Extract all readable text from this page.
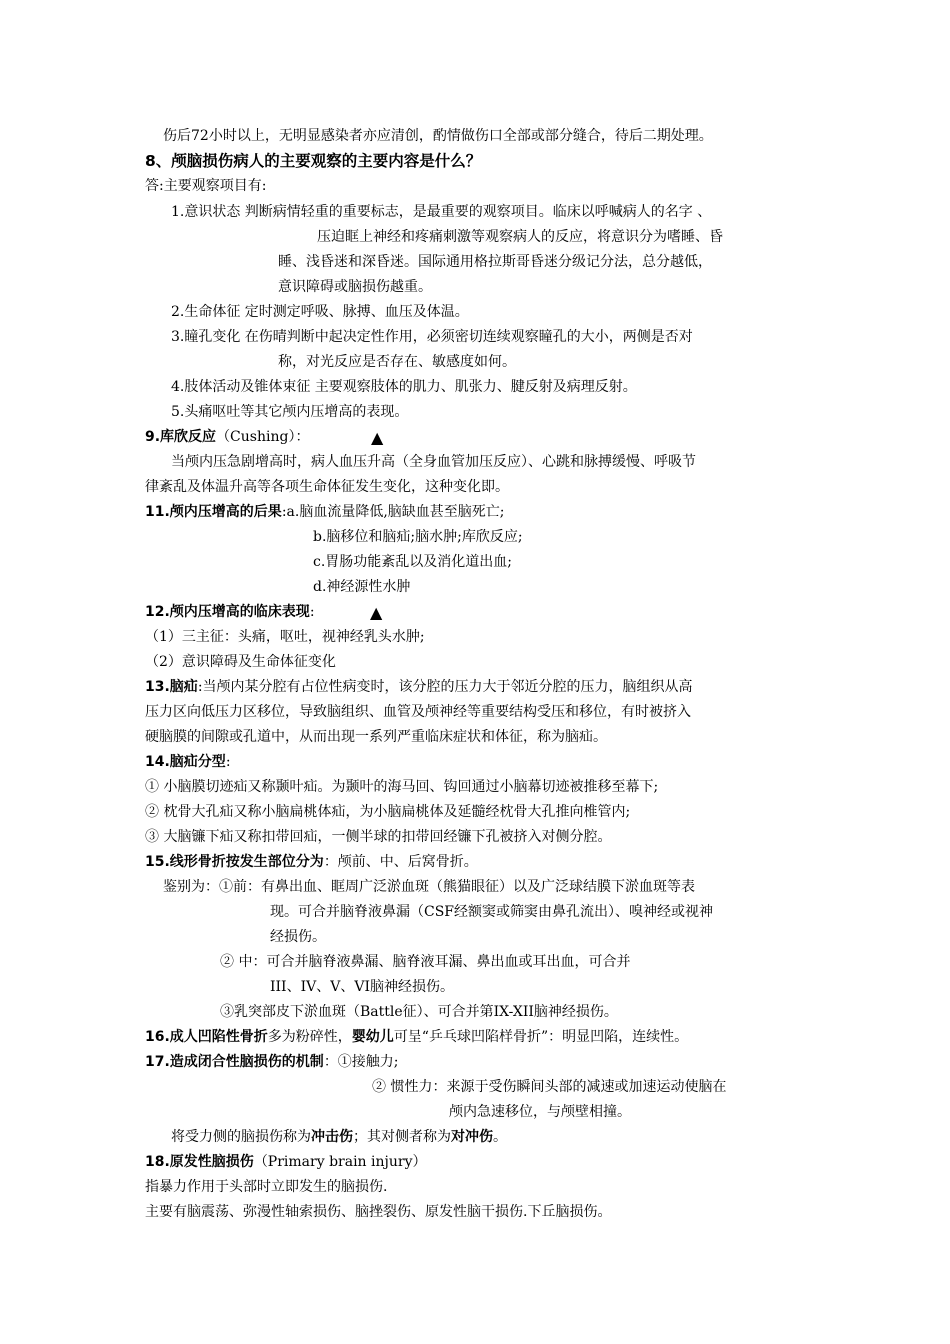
伤后72小时以上，无明显感染者亦应清创，酌情做伤口全部或部分缝合，待后二期处理。
8、颅脑损伤病人的主要观察的主要内容是什么？
答:主要观察项目有:
1.意识状态 判断病情轻重的重要标志，是最重要的观察项目。临床以呼喊病人的名字 、
压迫眶上神经和疼痛刺激等观察病人的反应，将意识分为嗜睡、昏
睡、浅昏迷和深昏迷。国际通用格拉斯哥昏迷分级记分法，总分越低，
意识障碍或脑损伤越重。
2.生命体征 定时测定呼吸、脉搏、血压及体温。
3.瞳孔变化 在伤晴判断中起决定性作用，必须密切连续观察瞳孔的大小，两侧是否对
称，对光反应是否存在、敏感度如何。
4.肢体活动及锥体束征 主要观察肢体的肌力、肌张力、腱反射及病理反射。
5.头痛呕吐等其它颅内压增高的表现。
9.库欣反应（Cushing）：	▲
当颅内压急剧增高时，病人血压升高（全身血管加压反应）、心跳和脉搏缓慢、呼吸节
律紊乱及体温升高等各项生命体征发生变化，这种变化即。
11.颅内压增高的后果:a.脑血流量降低,脑缺血甚至脑死亡;
b.脑移位和脑疝;脑水肿;库欣反应;
c.胃肠功能紊乱以及消化道出血;
d.神经源性水肿
12.颅内压增高的临床表现:	▲
（1）三主征：头痛，呕吐，视神经乳头水肿;
（2）意识障碍及生命体征变化
13.脑疝:当颅内某分腔有占位性病变时，该分腔的压力大于邻近分腔的压力，脑组织从高
压力区向低压力区移位，导致脑组织、血管及颅神经等重要结构受压和移位，有时被挤入
硬脑膜的间隙或孔道中，从而出现一系列严重临床症状和体征，称为脑疝。
14.脑疝分型:
① 小脑膜切迹疝又称颞叶疝。为颞叶的海马回、钩回通过小脑幕切迹被推移至幕下;
② 枕骨大孔疝又称小脑扁桃体疝，为小脑扁桃体及延髓经枕骨大孔推向椎管内;
③ 大脑镰下疝又称扣带回疝，一侧半球的扣带回经镰下孔被挤入对侧分腔。
15.线形骨折按发生部位分为：颅前、中、后窝骨折。
鉴别为：①前：有鼻出血、眶周广泛淤血斑（熊猫眼征）以及广泛球结膜下淤血斑等表
现。可合并脑脊液鼻漏（CSF经额窦或筛窦由鼻孔流出）、嗅神经或视神
经损伤。
② 中：可合并脑脊液鼻漏、脑脊液耳漏、鼻出血或耳出血，可合并
III、IV、V、VI脑神经损伤。
③乳突部皮下淤血斑（Battle征）、可合并第IX-XII脑神经损伤。
16.成人凹陷性骨折多为粉碎性，婴幼儿可呈“乒乓球凹陷样骨折”：明显凹陷，连续性。
17.造成闭合性脑损伤的机制：①接触力;
② 惯性力：来源于受伤瞬间头部的减速或加速运动使脑在
颅内急速移位，与颅壁相撞。
将受力侧的脑损伤称为冲击伤；其对侧者称为对冲伤。
18.原发性脑损伤（Primary brain injury）
指暴力作用于头部时立即发生的脑损伤.
主要有脑震荡、弥漫性轴索损伤、脑挫裂伤、原发性脑干损伤.下丘脑损伤。
